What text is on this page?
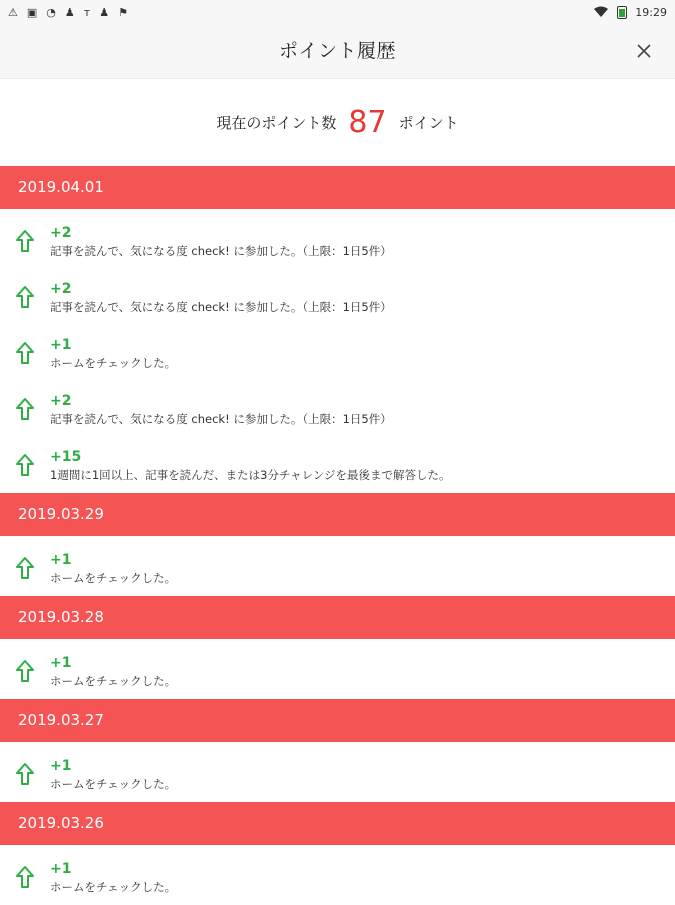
⚠ ▣ ◔ ♟ ᴛ ♟ ⚑	19:29
ポイント履歴
現在のポイント数 87 ポイント
2019.04.01
+2
記事を読んで、気になる度 check! に参加した。（上限：1日5件）
+2
記事を読んで、気になる度 check! に参加した。（上限：1日5件）
+1
ホームをチェックした。
+2
記事を読んで、気になる度 check! に参加した。（上限：1日5件）
+15
1週間に1回以上、記事を読んだ、または3分チャレンジを最後まで解答した。
2019.03.29
+1
ホームをチェックした。
2019.03.28
+1
ホームをチェックした。
2019.03.27
+1
ホームをチェックした。
2019.03.26
+1
ホームをチェックした。
